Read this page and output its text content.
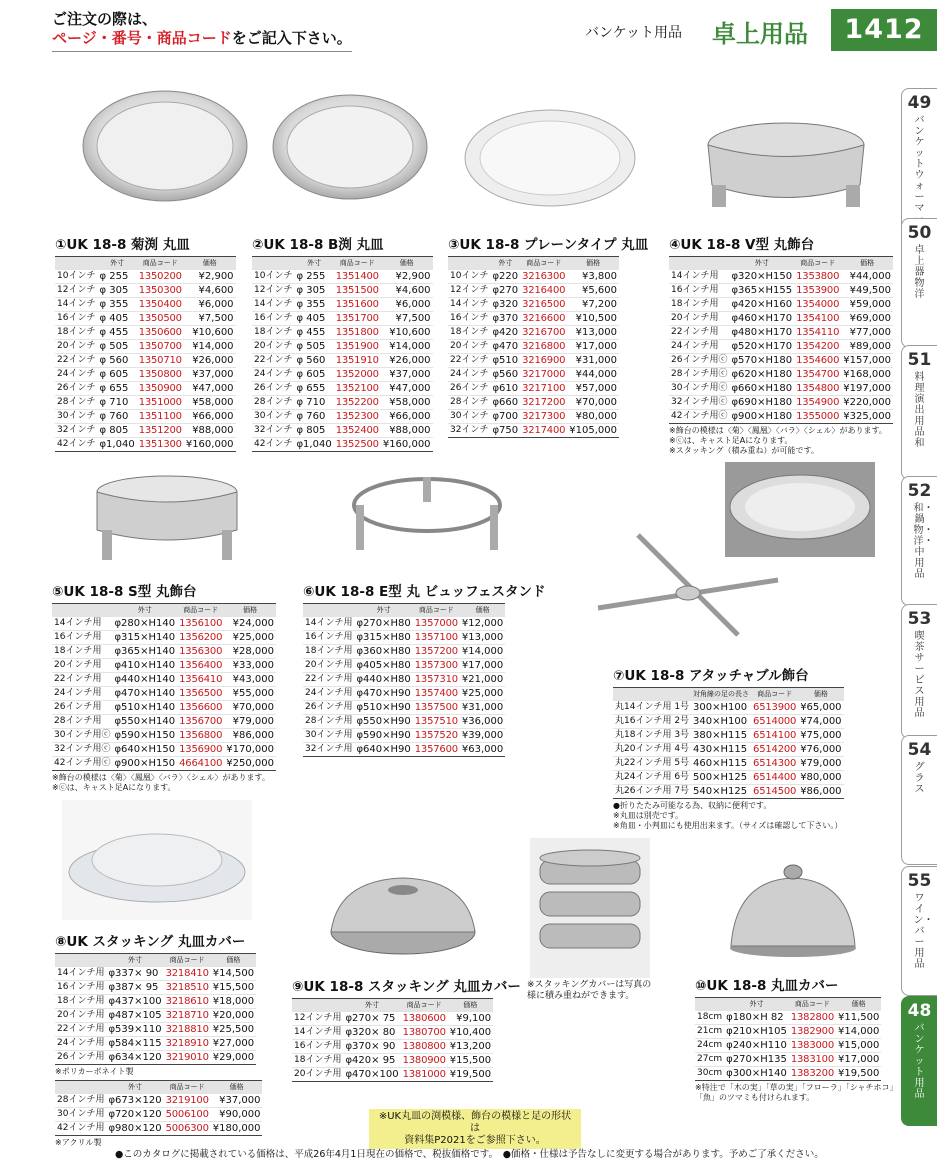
ご注文の際は、
ページ・番号・商品コードをご記入下さい。	バンケット用品 卓上用品	1412
49
バンケットウォーマ
50
卓上器物 洋
51
料理演出用品 和
52
和・鍋物・洋・中用品
53
喫茶サービス用品
54
グラス
55
ワイン・バー用品
48
バンケット用品
①UK 18-8 菊渕 丸皿
	外寸	商品コード	価格
10インチ	φ 255	1350200	¥2,900
12インチ	φ 305	1350300	¥4,600
14インチ	φ 355	1350400	¥6,000
16インチ	φ 405	1350500	¥7,500
18インチ	φ 455	1350600	¥10,600
20インチ	φ 505	1350700	¥14,000
22インチ	φ 560	1350710	¥26,000
24インチ	φ 605	1350800	¥37,000
26インチ	φ 655	1350900	¥47,000
28インチ	φ 710	1351000	¥58,000
30インチ	φ 760	1351100	¥66,000
32インチ	φ 805	1351200	¥88,000
42インチ	φ1,040	1351300	¥160,000
②UK 18-8 B渕 丸皿
	外寸	商品コード	価格
10インチ	φ 255	1351400	¥2,900
12インチ	φ 305	1351500	¥4,600
14インチ	φ 355	1351600	¥6,000
16インチ	φ 405	1351700	¥7,500
18インチ	φ 455	1351800	¥10,600
20インチ	φ 505	1351900	¥14,000
22インチ	φ 560	1351910	¥26,000
24インチ	φ 605	1352000	¥37,000
26インチ	φ 655	1352100	¥47,000
28インチ	φ 710	1352200	¥58,000
30インチ	φ 760	1352300	¥66,000
32インチ	φ 805	1352400	¥88,000
42インチ	φ1,040	1352500	¥160,000
③UK 18-8 プレーンタイプ 丸皿
	外寸	商品コード	価格
10インチ	φ220	3216300	¥3,800
12インチ	φ270	3216400	¥5,600
14インチ	φ320	3216500	¥7,200
16インチ	φ370	3216600	¥10,500
18インチ	φ420	3216700	¥13,000
20インチ	φ470	3216800	¥17,000
22インチ	φ510	3216900	¥31,000
24インチ	φ560	3217000	¥44,000
26インチ	φ610	3217100	¥57,000
28インチ	φ660	3217200	¥70,000
30インチ	φ700	3217300	¥80,000
32インチ	φ750	3217400	¥105,000
④UK 18-8 V型 丸飾台
	外寸	商品コード	価格
14インチ用	φ320×H150	1353800	¥44,000
16インチ用	φ365×H155	1353900	¥49,500
18インチ用	φ420×H160	1354000	¥59,000
20インチ用	φ460×H170	1354100	¥69,000
22インチ用	φ480×H170	1354110	¥77,000
24インチ用	φ520×H170	1354200	¥89,000
26インチ用ⓒ	φ570×H180	1354600	¥157,000
28インチ用ⓒ	φ620×H180	1354700	¥168,000
30インチ用ⓒ	φ660×H180	1354800	¥197,000
32インチ用ⓒ	φ690×H180	1354900	¥220,000
42インチ用ⓒ	φ900×H180	1355000	¥325,000
※飾台の模様は〈菊〉〈鳳凰〉〈バラ〉〈シェル〉があります。
※ⓒは、キャスト足Aになります。
※スタッキング（積み重ね）が可能です。
⑤UK 18-8 S型 丸飾台
	外寸	商品コード	価格
14インチ用	φ280×H140	1356100	¥24,000
16インチ用	φ315×H140	1356200	¥25,000
18インチ用	φ365×H140	1356300	¥28,000
20インチ用	φ410×H140	1356400	¥33,000
22インチ用	φ440×H140	1356410	¥43,000
24インチ用	φ470×H140	1356500	¥55,000
26インチ用	φ510×H140	1356600	¥70,000
28インチ用	φ550×H140	1356700	¥79,000
30インチ用ⓒ	φ590×H150	1356800	¥86,000
32インチ用ⓒ	φ640×H150	1356900	¥170,000
42インチ用ⓒ	φ900×H150	4664100	¥250,000
※飾台の模様は〈菊〉〈鳳凰〉〈バラ〉〈シェル〉があります。
※ⓒは、キャスト足Aになります。
⑥UK 18-8 E型 丸 ビュッフェスタンド
	外寸	商品コード	価格
14インチ用	φ270×H80	1357000	¥12,000
16インチ用	φ315×H80	1357100	¥13,000
18インチ用	φ360×H80	1357200	¥14,000
20インチ用	φ405×H80	1357300	¥17,000
22インチ用	φ440×H80	1357310	¥21,000
24インチ用	φ470×H90	1357400	¥25,000
26インチ用	φ510×H90	1357500	¥31,000
28インチ用	φ550×H90	1357510	¥36,000
30インチ用	φ590×H90	1357520	¥39,000
32インチ用	φ640×H90	1357600	¥63,000
⑦UK 18-8 アタッチャブル飾台
	対角線の足の長さ	商品コード	価格
丸14インチ用 1号	300×H100	6513900	¥65,000
丸16インチ用 2号	340×H100	6514000	¥74,000
丸18インチ用 3号	380×H115	6514100	¥75,000
丸20インチ用 4号	430×H115	6514200	¥76,000
丸22インチ用 5号	460×H115	6514300	¥79,000
丸24インチ用 6号	500×H125	6514400	¥80,000
丸26インチ用 7号	540×H125	6514500	¥86,000
●折りたたみ可能なる為、収納に便利です。
※丸皿は別売です。
※角皿・小判皿にも使用出来ます。（サイズは確認して下さい。）
⑧UK スタッキング 丸皿カバー
	外寸	商品コード	価格
14インチ用	φ337× 90	3218410	¥14,500
16インチ用	φ387× 95	3218510	¥15,500
18インチ用	φ437×100	3218610	¥18,000
20インチ用	φ487×105	3218710	¥20,000
22インチ用	φ539×110	3218810	¥25,500
24インチ用	φ584×115	3218910	¥27,000
26インチ用	φ634×120	3219010	¥29,000
※ポリカーボネイト製
	外寸	商品コード	価格
28インチ用	φ673×120	3219100	¥37,000
30インチ用	φ720×120	5006100	¥90,000
42インチ用	φ980×120	5006300	¥180,000
※アクリル製
⑨UK 18-8 スタッキング 丸皿カバー
	外寸	商品コード	価格
12インチ用	φ270× 75	1380600	¥9,100
14インチ用	φ320× 80	1380700	¥10,400
16インチ用	φ370× 90	1380800	¥13,200
18インチ用	φ420× 95	1380900	¥15,500
20インチ用	φ470×100	1381000	¥19,500
※スタッキングカバーは写真の
様に積み重ねができます。
⑩UK 18-8 丸皿カバー
	外寸	商品コード	価格
18cm	φ180×H 82	1382800	¥11,500
21cm	φ210×H105	1382900	¥14,000
24cm	φ240×H110	1383000	¥15,000
27cm	φ270×H135	1383100	¥17,000
30cm	φ300×H140	1383200	¥19,500
※特注で「木の実」「草の実」「フローラ」「シャチホコ」
「魚」のツマミも付けられます。
※UK丸皿の渕模様、飾台の模様と足の形状は
資料集P2021をご参照下さい。
●このカタログに掲載されている価格は、平成26年4月1日現在の価格で、税抜価格です。　●価格・仕様は予告なしに変更する場合があります。予めご了承ください。
